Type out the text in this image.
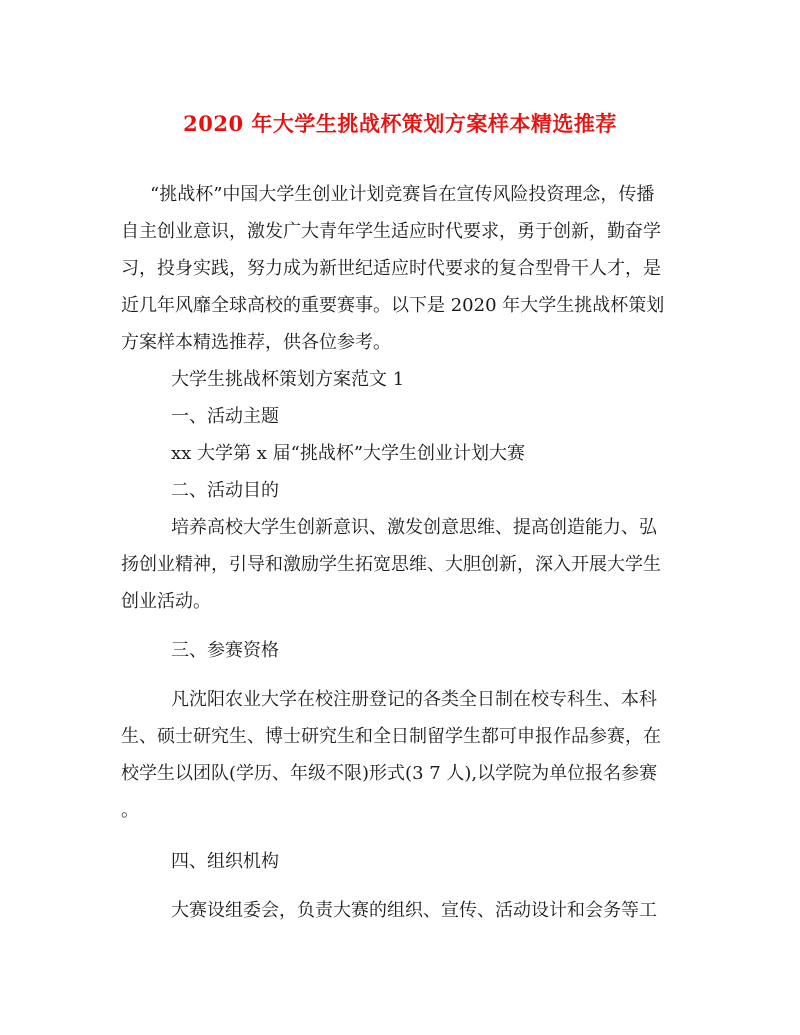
2020 年大学生挑战杯策划方案样本精选推荐
“挑战杯”中国大学生创业计划竞赛旨在宣传风险投资理念，传播
自主创业意识，激发广大青年学生适应时代要求，勇于创新，勤奋学
习，投身实践，努力成为新世纪适应时代要求的复合型骨干人才，是
近几年风靡全球高校的重要赛事。以下是 2020 年大学生挑战杯策划
方案样本精选推荐，供各位参考。
大学生挑战杯策划方案范文 1
一、活动主题
xx 大学第 x 届“挑战杯”大学生创业计划大赛
二、活动目的
培养高校大学生创新意识、激发创意思维、提高创造能力、弘
扬创业精神，引导和激励学生拓宽思维、大胆创新，深入开展大学生
创业活动。
三、参赛资格
凡沈阳农业大学在校注册登记的各类全日制在校专科生、本科
生、硕士研究生、博士研究生和全日制留学生都可申报作品参赛，在
校学生以团队(学历、年级不限)形式(3 7 人),以学院为单位报名参赛
。
四、组织机构
大赛设组委会，负责大赛的组织、宣传、活动设计和会务等工
